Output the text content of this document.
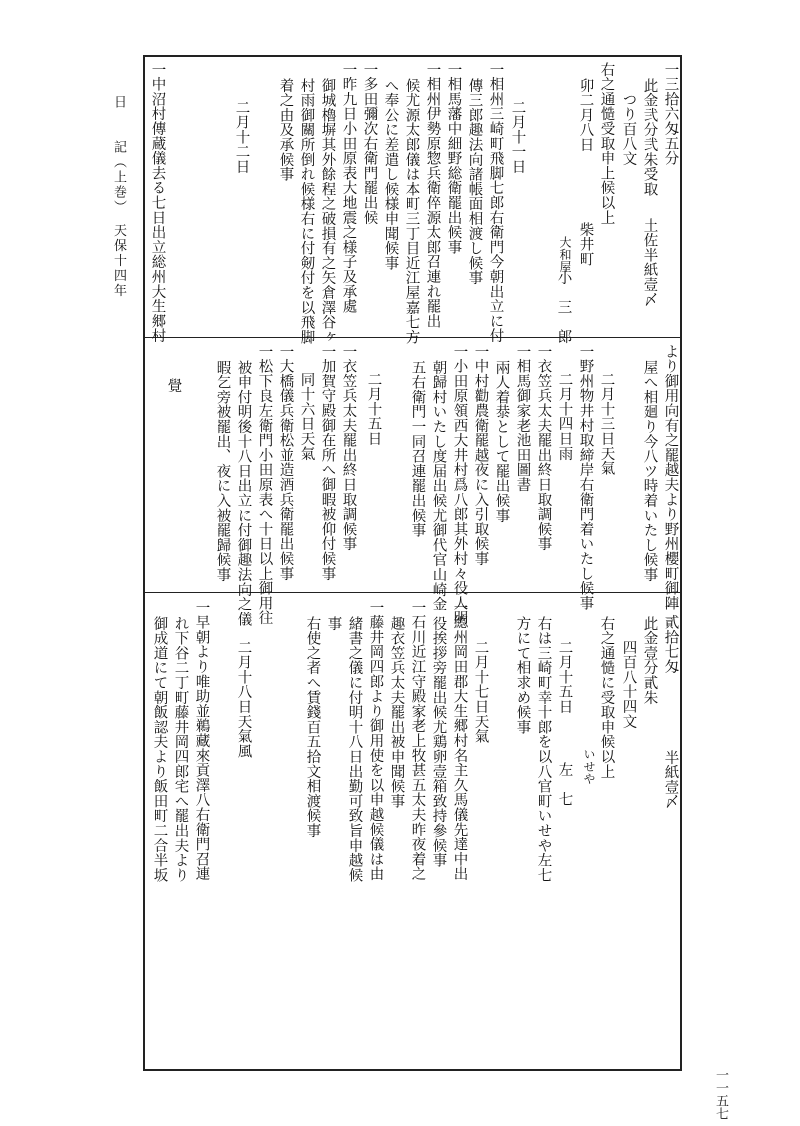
日　　記（上巻）　天保十四年
一一五七
一三拾六匁五分
此金弐分弐朱受取
土佐半紙壹〆
つり百八文
右之通慥受取申上候以上
卯二月八日
柴井町
大和屋
小　三　郎
二月十一日
一相州三崎町飛脚七郎右衛門今朝出立に付
傳三郎趣法向諸帳面相渡し候事
一相馬藩中細野総衛罷出候事
一相州伊勢原惣兵衛倅源太郎召連れ罷出
候尤源太郎儀は本町三丁目近江屋嘉七方
へ奉公に差遣し候様申聞候事
一多田彌次右衛門罷出候
一昨九日小田原表大地震之様子及承處
御城櫓塀其外餘程之破損有之矢倉澤谷ヶ
村雨御關所倒れ候様右に付剱付を以飛脚
着之由及承候事
二月十二日
一中沼村傳蔵儀去る七日出立総州大生郷村
より御用向有之罷越夫より野州櫻町御陣
屋へ相廻り今八ツ時着いたし候事
二月十三日天氣
一野州物井村取締岸右衛門着いたし候事
二月十四日雨
一衣笠兵太夫罷出終日取調候事
一相馬御家老池田圖書
兩人着㳟として罷出候事
一中村勸農衛罷越夜に入引取候事
一小田原領西大井村爲八郎其外村々役人明
朝歸村いたし度届出候尤御代官山崎金
五右衛門一同召連罷出候事
二月十五日
一衣笠兵太夫罷出終日取調候事
一加賀守殿御在所へ御暇被仰付候事
同十六日天氣
一大橋儀兵衛松並造酒兵衛罷出候事
一松下良左衛門小田原表へ十日以上御用往
被申付明後十八日出立に付御趣法向之儀
暇乞旁被罷出、夜に入被罷歸候事
覺
一貳拾七匁
半紙壹〆
此金壹分貳朱
四百八十四文
右之通慥に受取申候以上
いせや
二月十五日
左　七
右は三崎町幸十郎を以八官町いせや左七
方にて相求め候事
二月十七日天氣
一總州岡田郡大生郷村名主久馬儀先達中出
役挨拶旁罷出候尤鶏卵壹箱致持參候事
一石川近江守殿家老上牧甚五太夫昨夜着之
趣衣笠兵太夫罷出被申聞候事
一藤井岡四郎より御用使を以申越候儀は由
緒書之儀に付明十八日出勤可致旨申越候
事
右使之者へ賃錢百五拾文相渡候事
二月十八日天氣風
一早朝より唯助並鵜藏來貢澤八右衛門召連
れ下谷二丁町藤井岡四郎宅へ罷出夫より
御成道にて朝飯認夫より飯田町二合半坂
